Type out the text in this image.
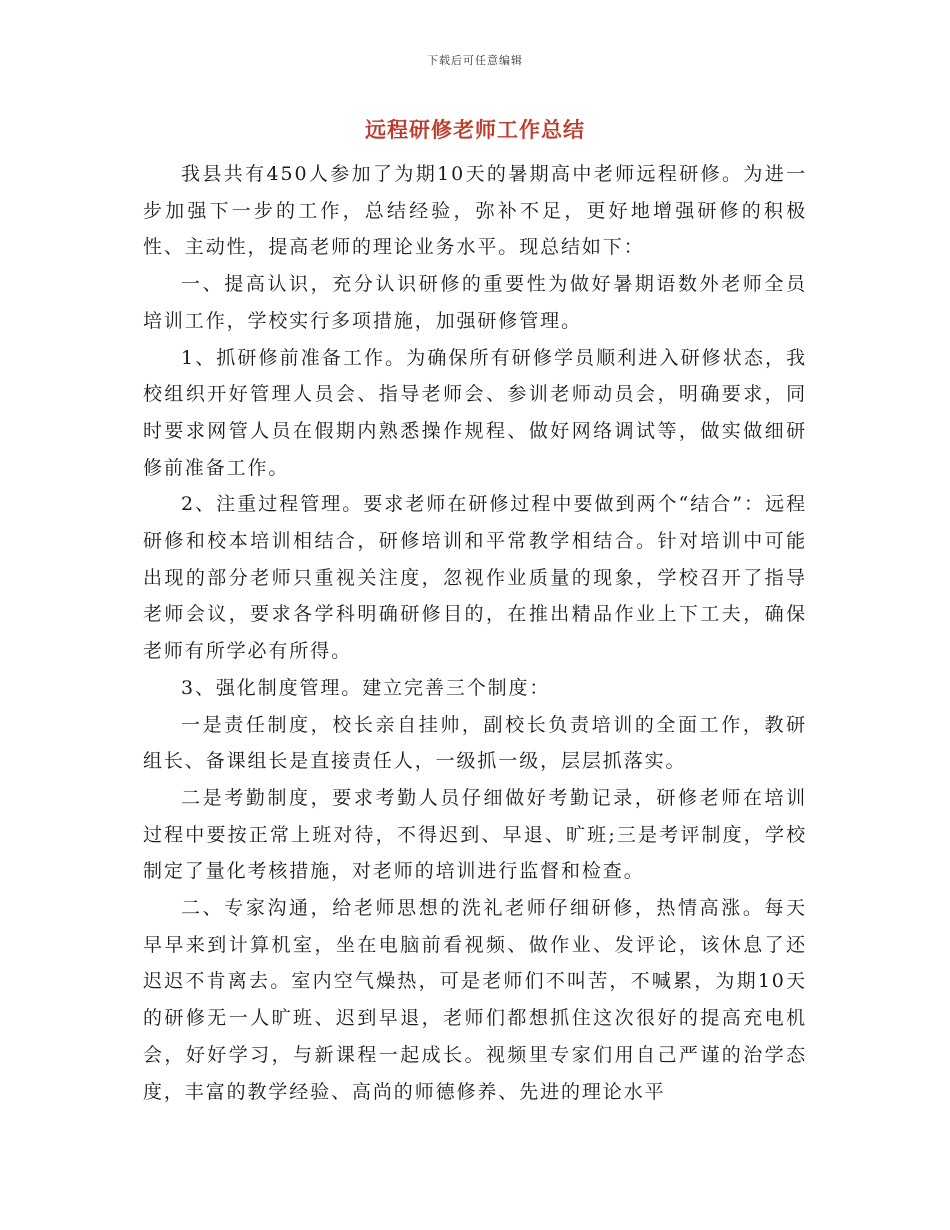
下载后可任意编辑
远程研修老师工作总结

我县共有450人参加了为期10天的暑期高中老师远程研修。为进一步加强下一步的工作，总结经验，弥补不足，更好地增强研修的积极性、主动性，提高老师的理论业务水平。现总结如下：

一、提高认识，充分认识研修的重要性为做好暑期语数外老师全员培训工作，学校实行多项措施，加强研修管理。

1、抓研修前准备工作。为确保所有研修学员顺利进入研修状态，我校组织开好管理人员会、指导老师会、参训老师动员会，明确要求，同时要求网管人员在假期内熟悉操作规程、做好网络调试等，做实做细研修前准备工作。

2、注重过程管理。要求老师在研修过程中要做到两个“结合”：远程研修和校本培训相结合，研修培训和平常教学相结合。针对培训中可能出现的部分老师只重视关注度，忽视作业质量的现象，学校召开了指导老师会议，要求各学科明确研修目的，在推出精品作业上下工夫，确保老师有所学必有所得。

3、强化制度管理。建立完善三个制度：

一是责任制度，校长亲自挂帅，副校长负责培训的全面工作，教研组长、备课组长是直接责任人，一级抓一级，层层抓落实。

二是考勤制度，要求考勤人员仔细做好考勤记录，研修老师在培训过程中要按正常上班对待，不得迟到、早退、旷班;三是考评制度，学校制定了量化考核措施，对老师的培训进行监督和检查。

二、专家沟通，给老师思想的洗礼老师仔细研修，热情高涨。每天早早来到计算机室，坐在电脑前看视频、做作业、发评论，该休息了还迟迟不肯离去。室内空气燥热，可是老师们不叫苦，不喊累，为期10天的研修无一人旷班、迟到早退，老师们都想抓住这次很好的提高充电机会，好好学习，与新课程一起成长。视频里专家们用自己严谨的治学态度，丰富的教学经验、高尚的师德修养、先进的理论水平
